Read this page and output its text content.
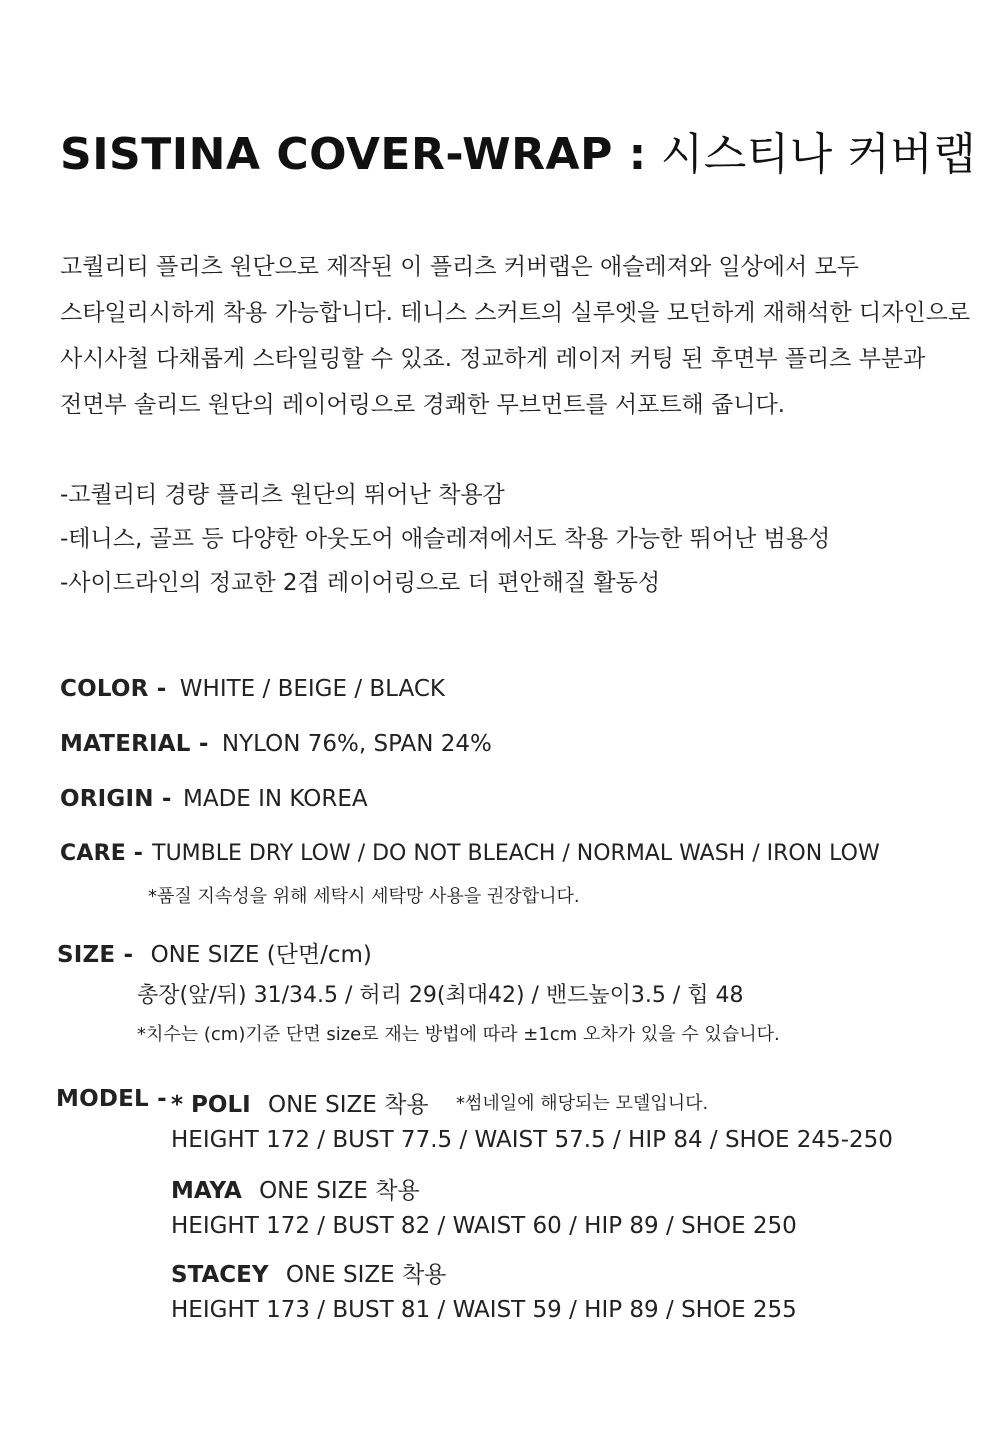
SISTINA COVER-WRAP : 시스티나 커버랩
고퀄리티 플리츠 원단으로 제작된 이 플리츠 커버랩은 애슬레져와 일상에서 모두
스타일리시하게 착용 가능합니다. 테니스 스커트의 실루엣을 모던하게 재해석한 디자인으로
사시사철 다채롭게 스타일링할 수 있죠. 정교하게 레이저 커팅 된 후면부 플리츠 부분과
전면부 솔리드 원단의 레이어링으로 경쾌한 무브먼트를 서포트해 줍니다.
-고퀄리티 경량 플리츠 원단의 뛰어난 착용감
-테니스, 골프 등 다양한 아웃도어 애슬레져에서도 착용 가능한 뛰어난 범용성
-사이드라인의 정교한 2겹 레이어링으로 더 편안해질 활동성
COLOR - WHITE / BEIGE / BLACK
MATERIAL - NYLON 76%, SPAN 24%
ORIGIN - MADE IN KOREA
CARE - TUMBLE DRY LOW / DO NOT BLEACH / NORMAL WASH / IRON LOW
*품질 지속성을 위해 세탁시 세탁망 사용을 권장합니다.
SIZE - ONE SIZE (단면/cm)
총장(앞/뒤) 31/34.5 / 허리 29(최대42) / 밴드높이3.5 / 힙 48
*치수는 (cm)기준 단면 size로 재는 방법에 따라 ±1cm 오차가 있을 수 있습니다.
MODEL - * POLI ONE SIZE 착용 *썸네일에 해당되는 모델입니다.
HEIGHT 172 / BUST 77.5 / WAIST 57.5 / HIP 84 / SHOE 245-250
MAYA ONE SIZE 착용
HEIGHT 172 / BUST 82 / WAIST 60 / HIP 89 / SHOE 250
STACEY ONE SIZE 착용
HEIGHT 173 / BUST 81 / WAIST 59 / HIP 89 / SHOE 255
